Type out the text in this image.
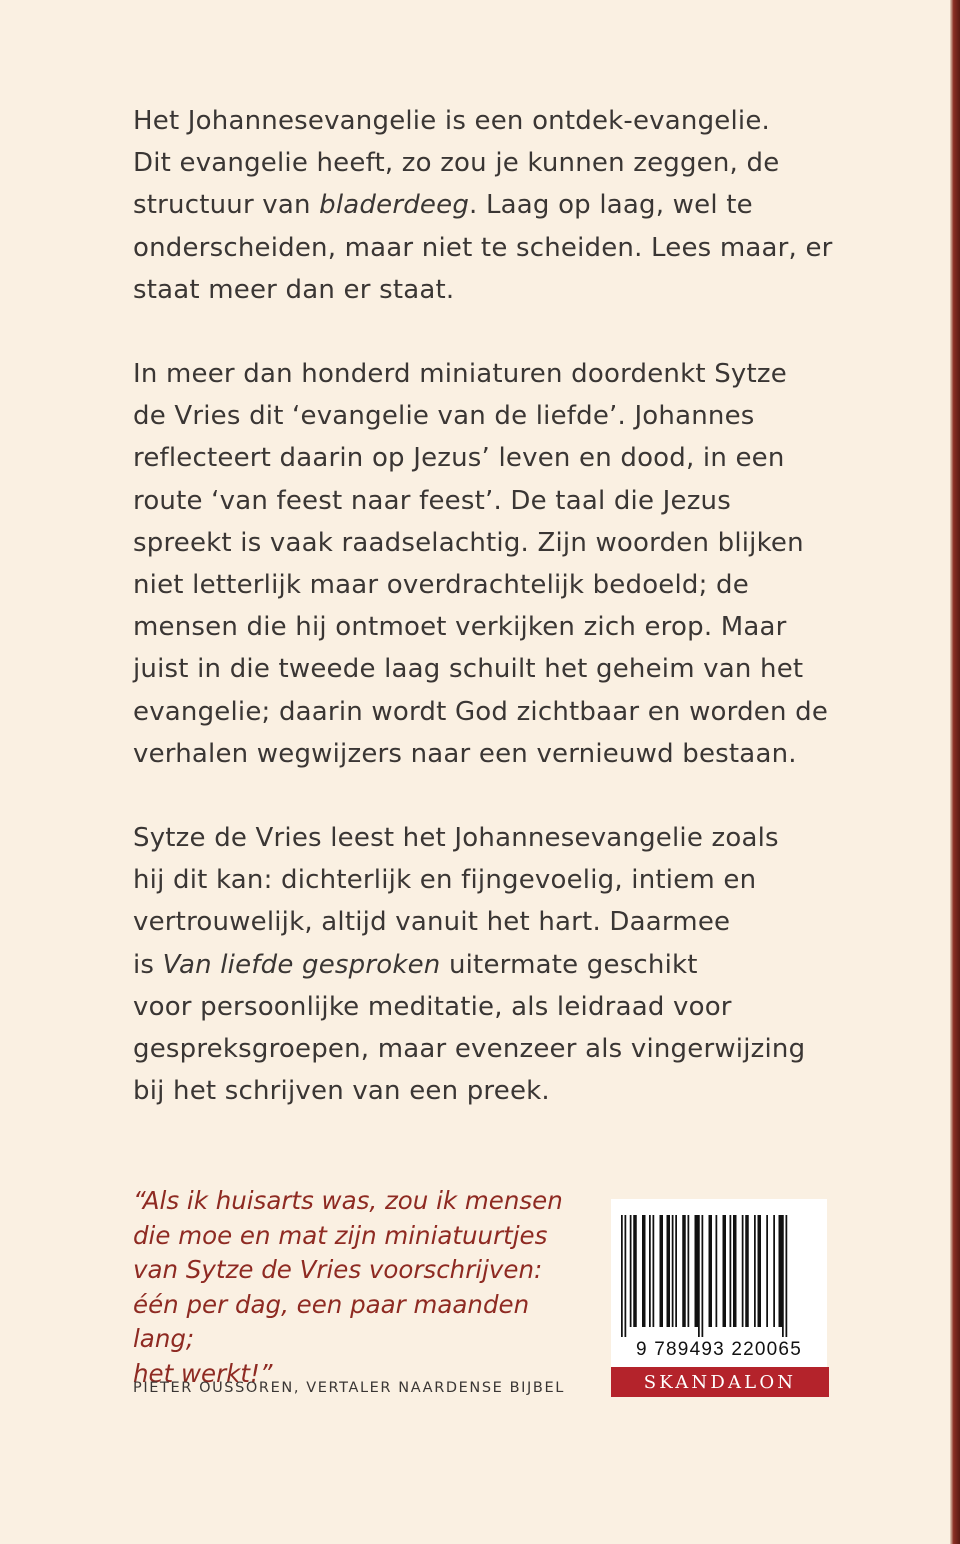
Het Johannesevangelie is een ontdek-evangelie.
Dit evangelie heeft, zo zou je kunnen zeggen, de
structuur van bladerdeeg. Laag op laag, wel te
onderscheiden, maar niet te scheiden. Lees maar, er
staat meer dan er staat.

In meer dan honderd miniaturen doordenkt Sytze
de Vries dit ‘evangelie van de liefde’. Johannes
reflecteert daarin op Jezus’ leven en dood, in een
route ‘van feest naar feest’. De taal die Jezus
spreekt is vaak raadselachtig. Zijn woorden blijken
niet letterlijk maar overdrachtelijk bedoeld; de
mensen die hij ontmoet verkijken zich erop. Maar
juist in die tweede laag schuilt het geheim van het
evangelie; daarin wordt God zichtbaar en worden de
verhalen wegwijzers naar een vernieuwd bestaan.

Sytze de Vries leest het Johannesevangelie zoals
hij dit kan: dichterlijk en fijngevoelig, intiem en
vertrouwelijk, altijd vanuit het hart. Daarmee
is Van liefde gesproken uitermate geschikt
voor persoonlijke meditatie, als leidraad voor
gespreksgroepen, maar evenzeer als vingerwijzing
bij het schrijven van een preek.

“Als ik huisarts was, zou ik mensen
die moe en mat zijn miniatuurtjes
van Sytze de Vries voorschrijven:
één per dag, een paar maanden lang;
het werkt!”

PIETER OUSSOREN, VERTALER NAARDENSE BIJBEL
9 789493 220065
SKANDALON
